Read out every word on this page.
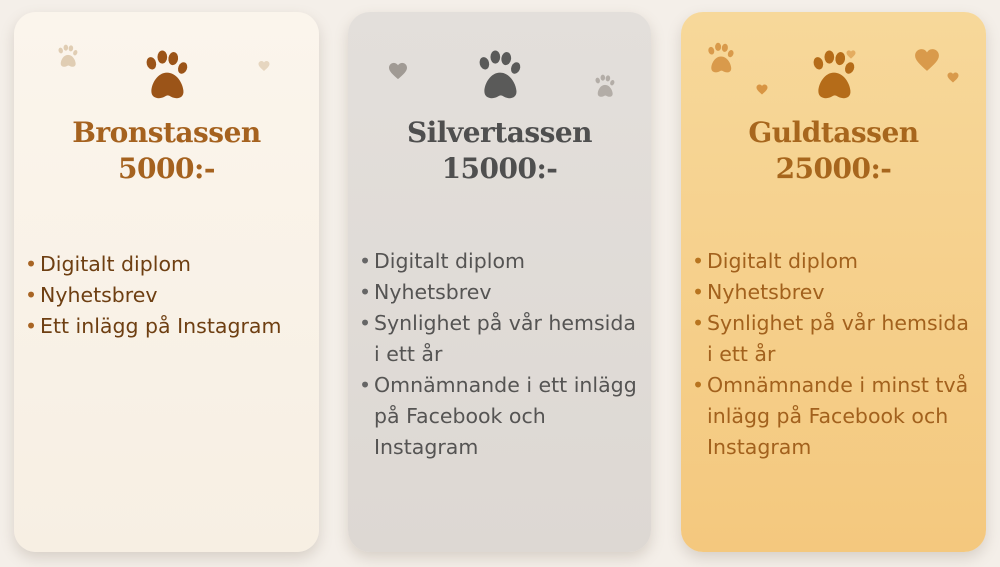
Bronstassen
5000:-
• Digitalt diplom
• Nyhetsbrev
• Ett inlägg på Instagram
Silvertassen
15000:-
• Digitalt diplom
• Nyhetsbrev
• Synlighet på vår hemsida i ett år
• Omnämnande i ett inlägg på Facebook och Instagram
Guldtassen
25000:-
• Digitalt diplom
• Nyhetsbrev
• Synlighet på vår hemsida i ett år
• Omnämnande i minst två inlägg på Facebook och Instagram
